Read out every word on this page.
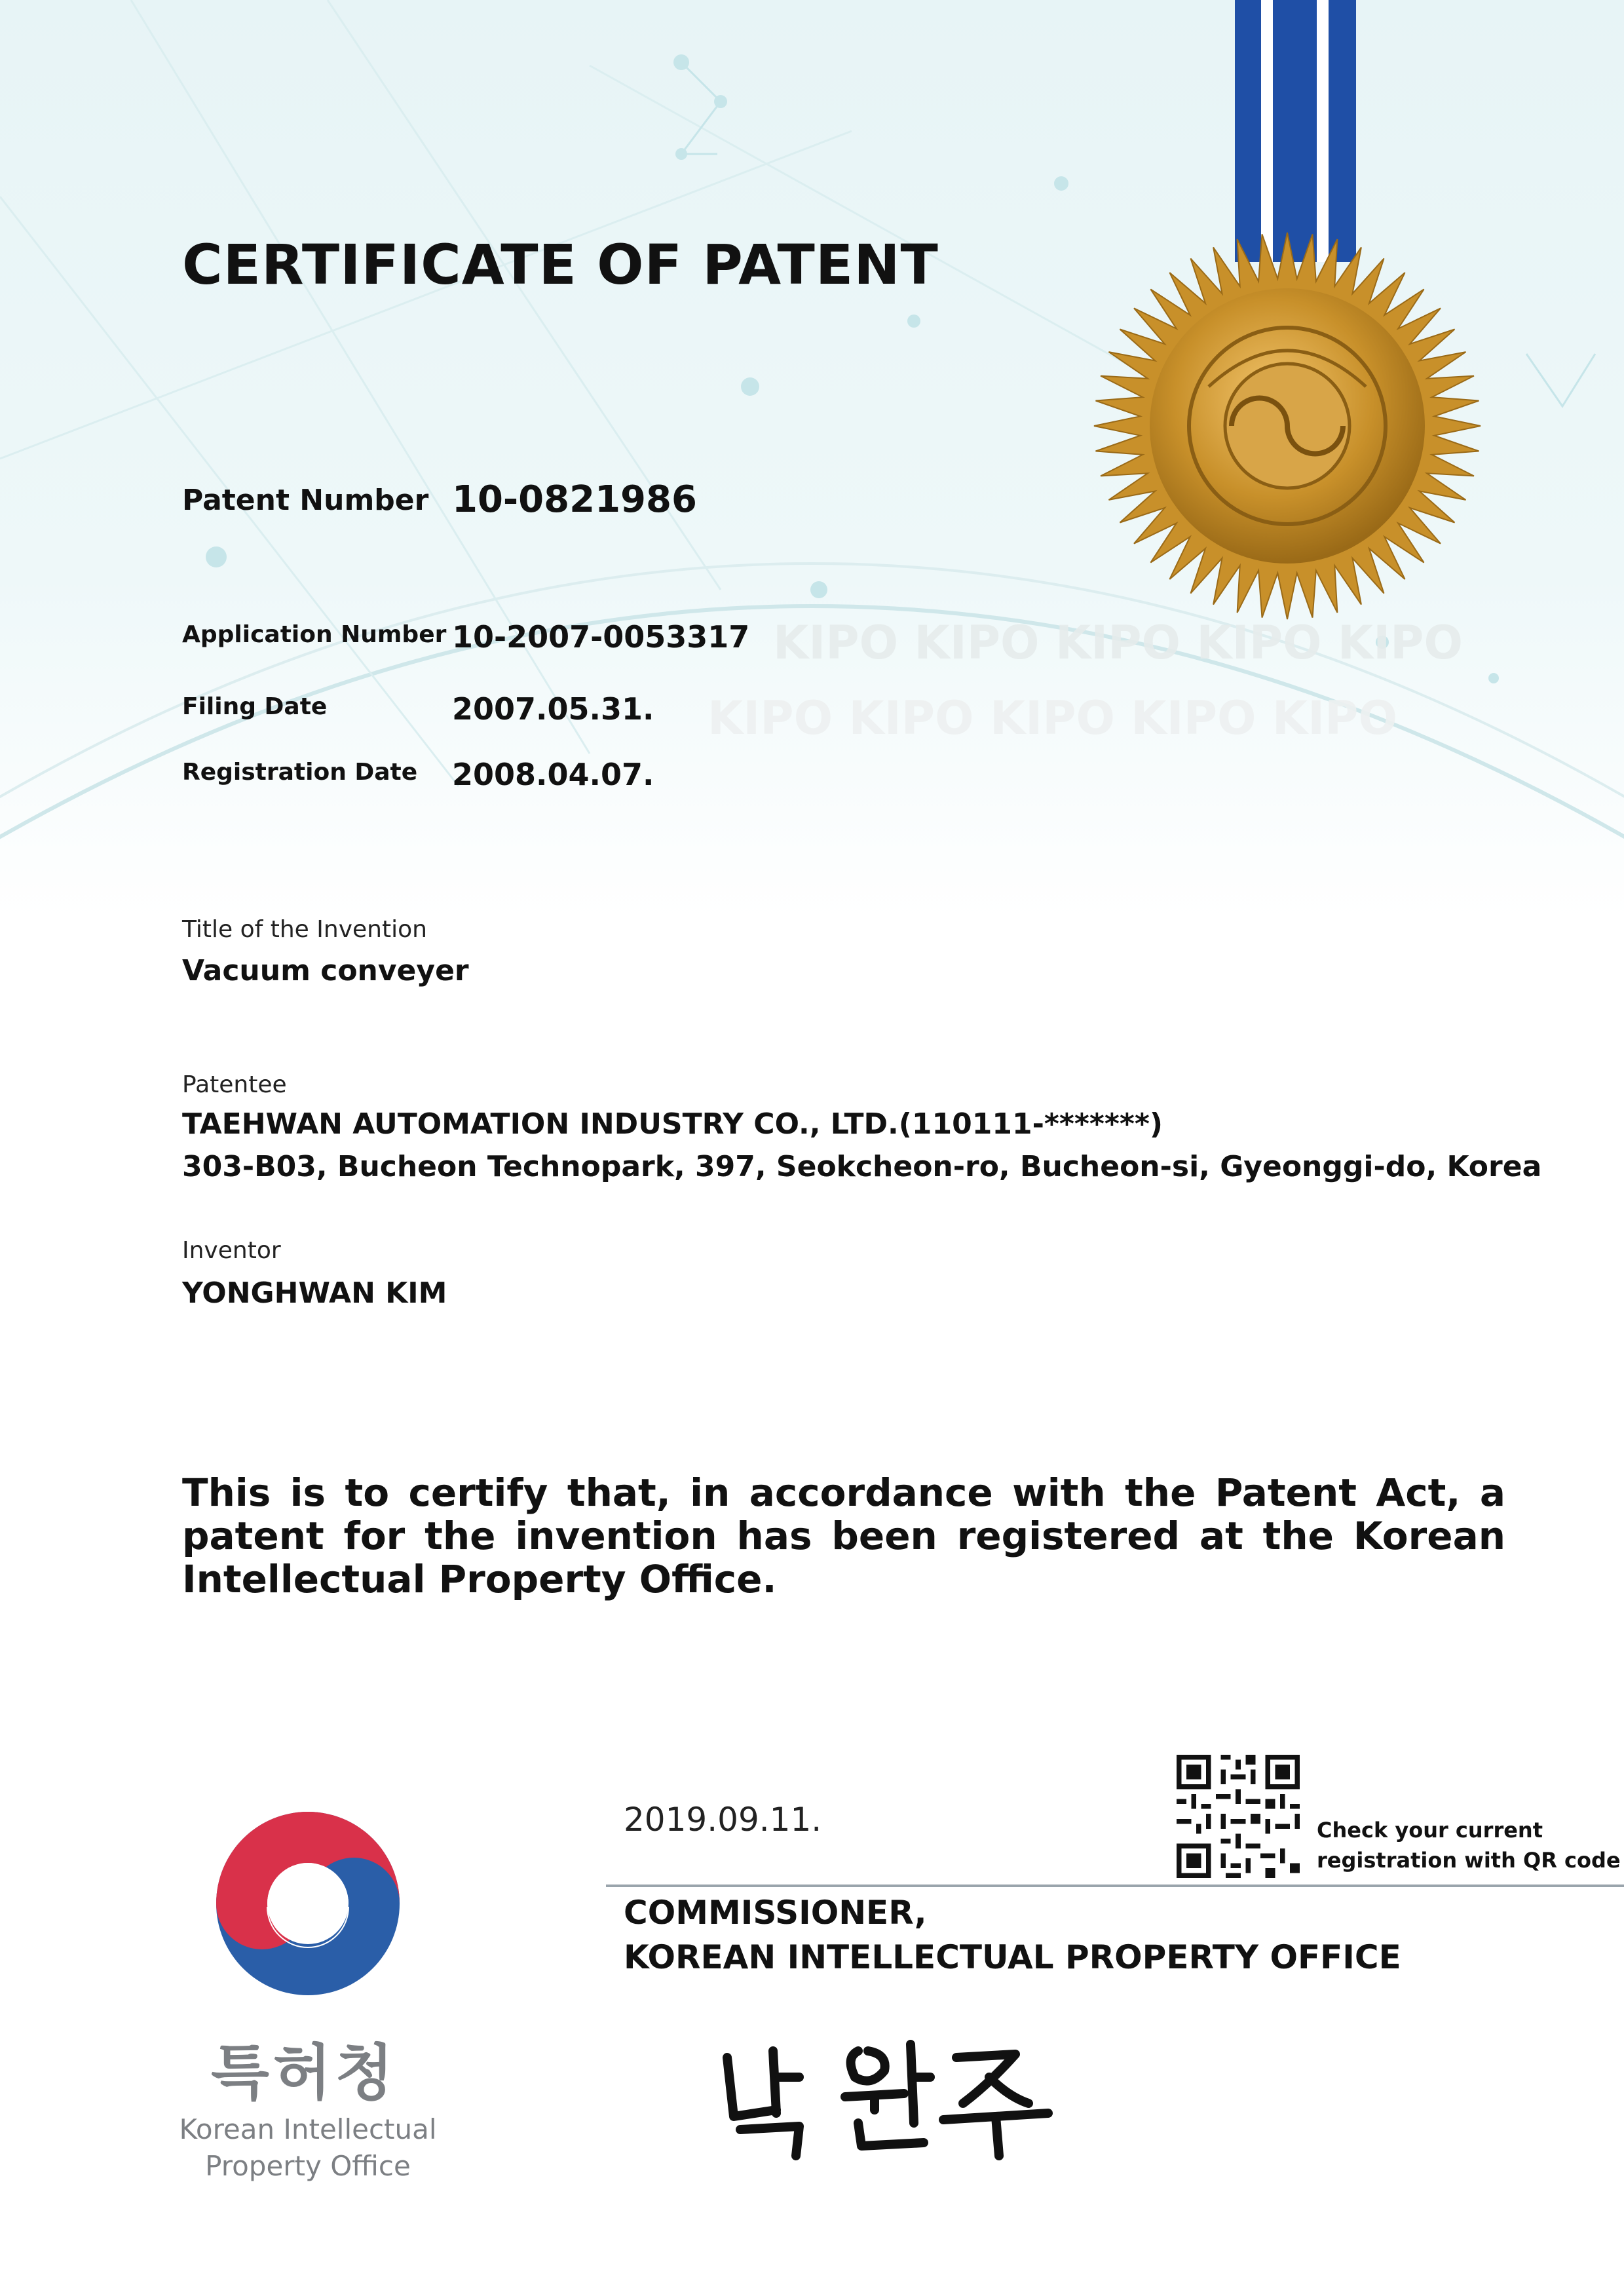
KIPO KIPO KIPO KIPO KIPO
KIPO KIPO KIPO KIPO KIPO
CERTIFICATE OF PATENT
Patent Number 10-0821986
Application Number 10-2007-0053317
Filing Date	2007.05.31.
Registration Date 2008.04.07.
Title of the Invention
Vacuum conveyer
Patentee
TAEHWAN AUTOMATION INDUSTRY CO., LTD.(110111-*******)
303-B03, Bucheon Technopark, 397, Seokcheon-ro, Bucheon-si, Gyeonggi-do, Korea
Inventor
YONGHWAN KIM
This is to certify that, in accordance with the Patent Act, a patent for the invention has been registered at the Korean Intellectual Property Office.
2019.09.11.	Check your current
registration with QR code
COMMISSIONER,
KOREAN INTELLECTUAL PROPERTY OFFICE
특허청
Korean Intellectual
Property Office
